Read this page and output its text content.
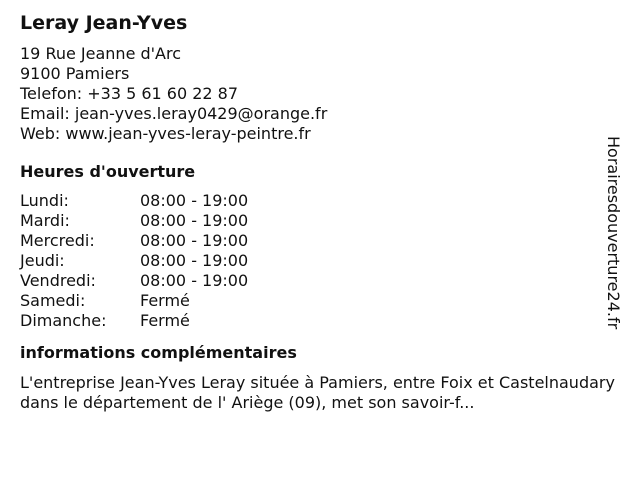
Leray Jean-Yves
19 Rue Jeanne d'Arc
9100 Pamiers
Telefon: +33 5 61 60 22 87
Email: jean-yves.leray0429@orange.fr
Web: www.jean-yves-leray-peintre.fr
Heures d'ouverture
Lundi:	08:00 - 19:00
Mardi:	08:00 - 19:00
Mercredi:	08:00 - 19:00
Jeudi:	08:00 - 19:00
Vendredi:	08:00 - 19:00
Samedi:	Fermé
Dimanche:	Fermé
informations complémentaires
L'entreprise Jean-Yves Leray située à Pamiers, entre Foix et Castelnaudary dans le département de l' Ariège (09), met son savoir-f...
Horairesdouverture24.fr
